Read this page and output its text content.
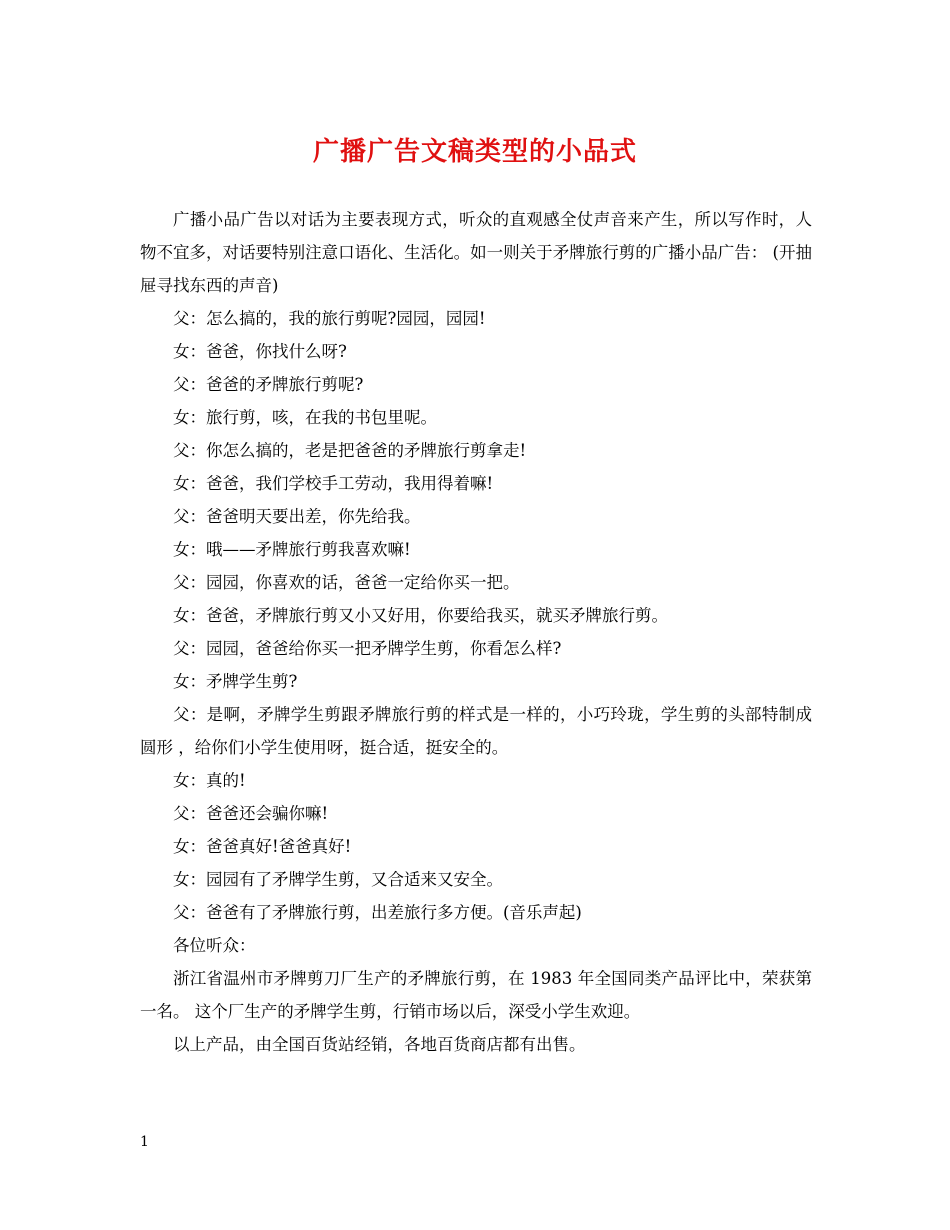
广播广告文稿类型的小品式

广播小品广告以对话为主要表现方式，听众的直观感全仗声音来产生，所以写作时，人物不宜多，对话要特别注意口语化、生活化。如一则关于矛牌旅行剪的广播小品广告： (开抽屉寻找东西的声音)

父：怎么搞的，我的旅行剪呢?园园，园园!

女：爸爸，你找什么呀?

父：爸爸的矛牌旅行剪呢?

女：旅行剪，咳，在我的书包里呢。

父：你怎么搞的，老是把爸爸的矛牌旅行剪拿走!

女：爸爸，我们学校手工劳动，我用得着嘛!

父：爸爸明天要出差，你先给我。

女：哦——矛牌旅行剪我喜欢嘛!

父：园园，你喜欢的话，爸爸一定给你买一把。

女：爸爸，矛牌旅行剪又小又好用，你要给我买，就买矛牌旅行剪。

父：园园，爸爸给你买一把矛牌学生剪，你看怎么样?

女：矛牌学生剪?

父：是啊，矛牌学生剪跟矛牌旅行剪的样式是一样的，小巧玲珑，学生剪的头部特制成圆形 ，给你们小学生使用呀，挺合适，挺安全的。

女：真的!

父：爸爸还会骗你嘛!

女：爸爸真好!爸爸真好!

女：园园有了矛牌学生剪，又合适来又安全。

父：爸爸有了矛牌旅行剪，出差旅行多方便。(音乐声起)

各位听众：

浙江省温州市矛牌剪刀厂生产的矛牌旅行剪，在 1983 年全国同类产品评比中，荣获第一名。 这个厂生产的矛牌学生剪，行销市场以后，深受小学生欢迎。

以上产品，由全国百货站经销，各地百货商店都有出售。

1
